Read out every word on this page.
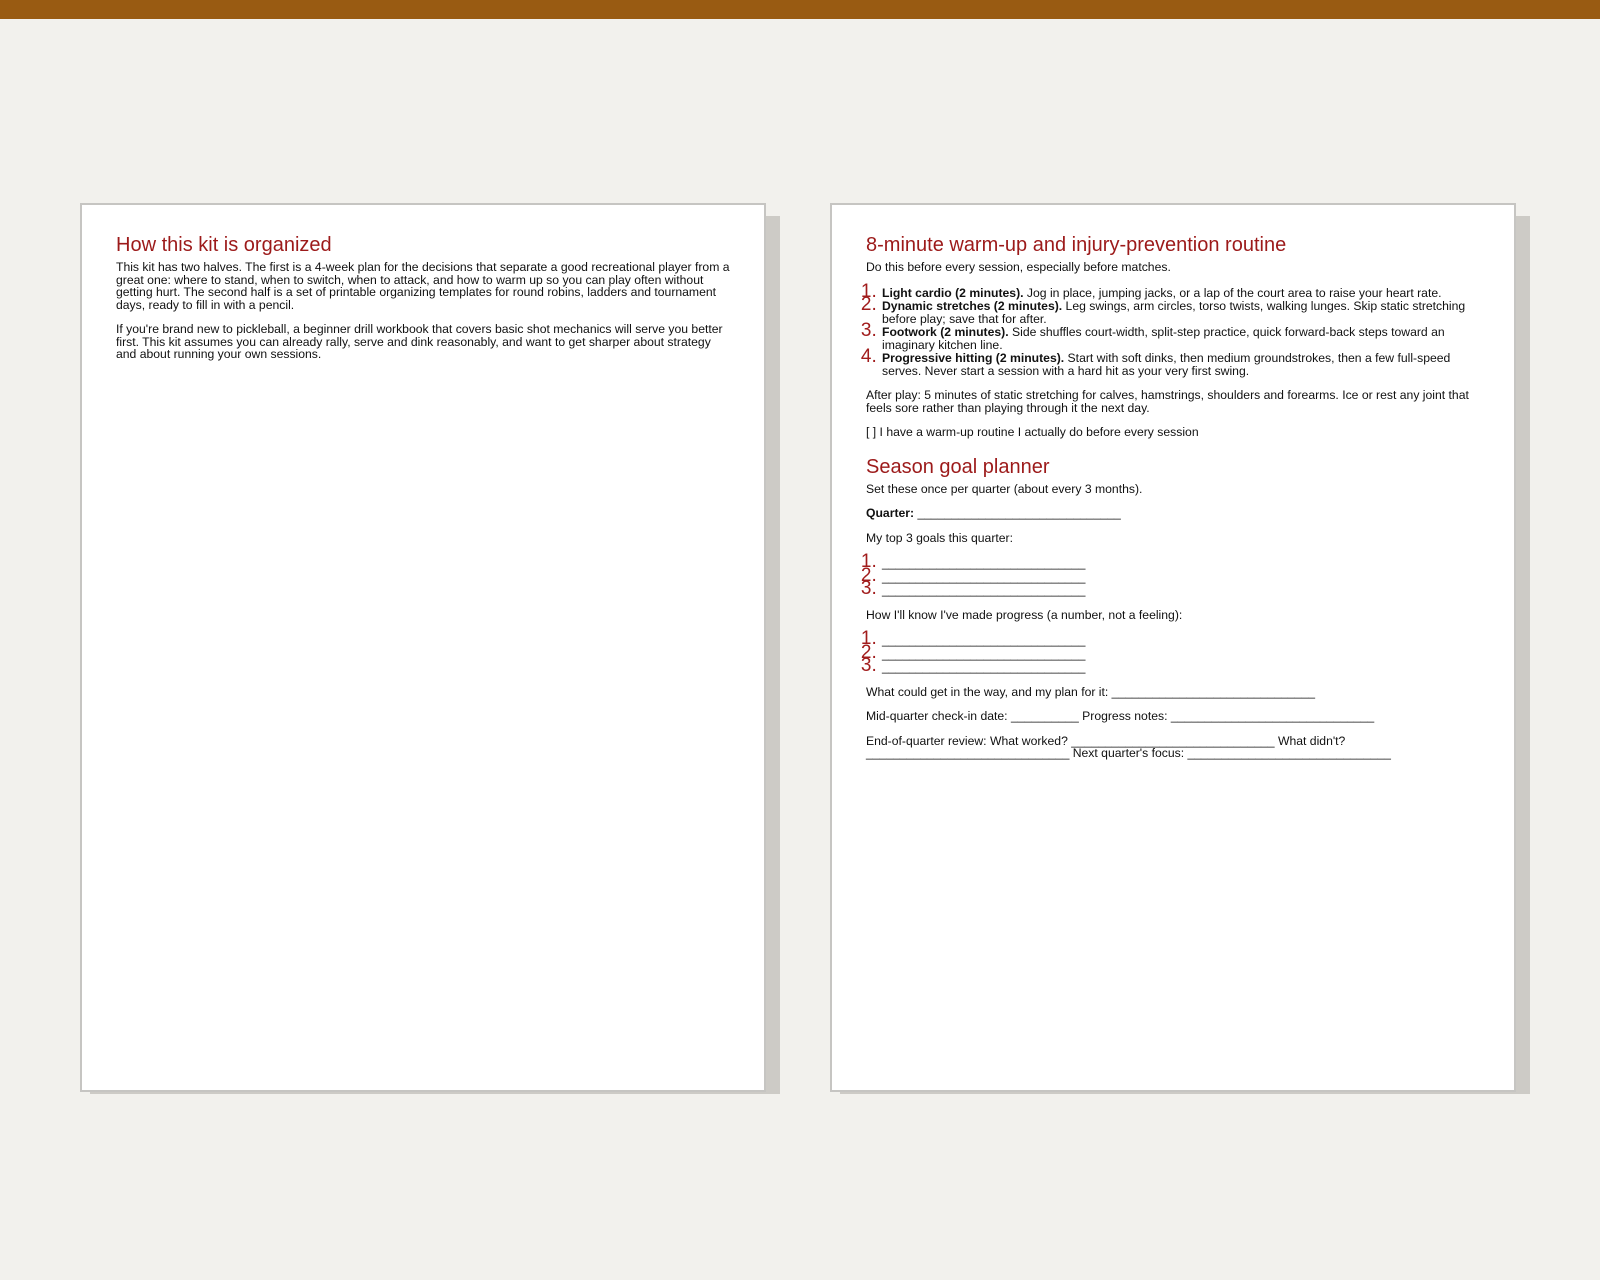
How this kit is organized

This kit has two halves. The first is a 4-week plan for the decisions that separate a good recreational player from a great one: where to stand, when to switch, when to attack, and how to warm up so you can play often without getting hurt. The second half is a set of printable organizing templates for round robins, ladders and tournament days, ready to fill in with a pencil.

If you're brand new to pickleball, a beginner drill workbook that covers basic shot mechanics will serve you better first. This kit assumes you can already rally, serve and dink reasonably, and want to get sharper about strategy and about running your own sessions.

8-minute warm-up and injury-prevention routine

Do this before every session, especially before matches.

1. Light cardio (2 minutes). Jog in place, jumping jacks, or a lap of the court area to raise your heart rate.
2. Dynamic stretches (2 minutes). Leg swings, arm circles, torso twists, walking lunges. Skip static stretching before play; save that for after.
3. Footwork (2 minutes). Side shuffles court-width, split-step practice, quick forward-back steps toward an imaginary kitchen line.
4. Progressive hitting (2 minutes). Start with soft dinks, then medium groundstrokes, then a few full-speed serves. Never start a session with a hard hit as your very first swing.

After play: 5 minutes of static stretching for calves, hamstrings, shoulders and forearms. Ice or rest any joint that feels sore rather than playing through it the next day.

[ ] I have a warm-up routine I actually do before every session

Season goal planner

Set these once per quarter (about every 3 months).

Quarter: ______________________________

My top 3 goals this quarter:

1. ______________________________
2. ______________________________
3. ______________________________

How I'll know I've made progress (a number, not a feeling):

1. ______________________________
2. ______________________________
3. ______________________________

What could get in the way, and my plan for it: ______________________________

Mid-quarter check-in date: __________ Progress notes: ______________________________

End-of-quarter review: What worked? ______________________________ What didn't? ______________________________ Next quarter's focus: ______________________________
